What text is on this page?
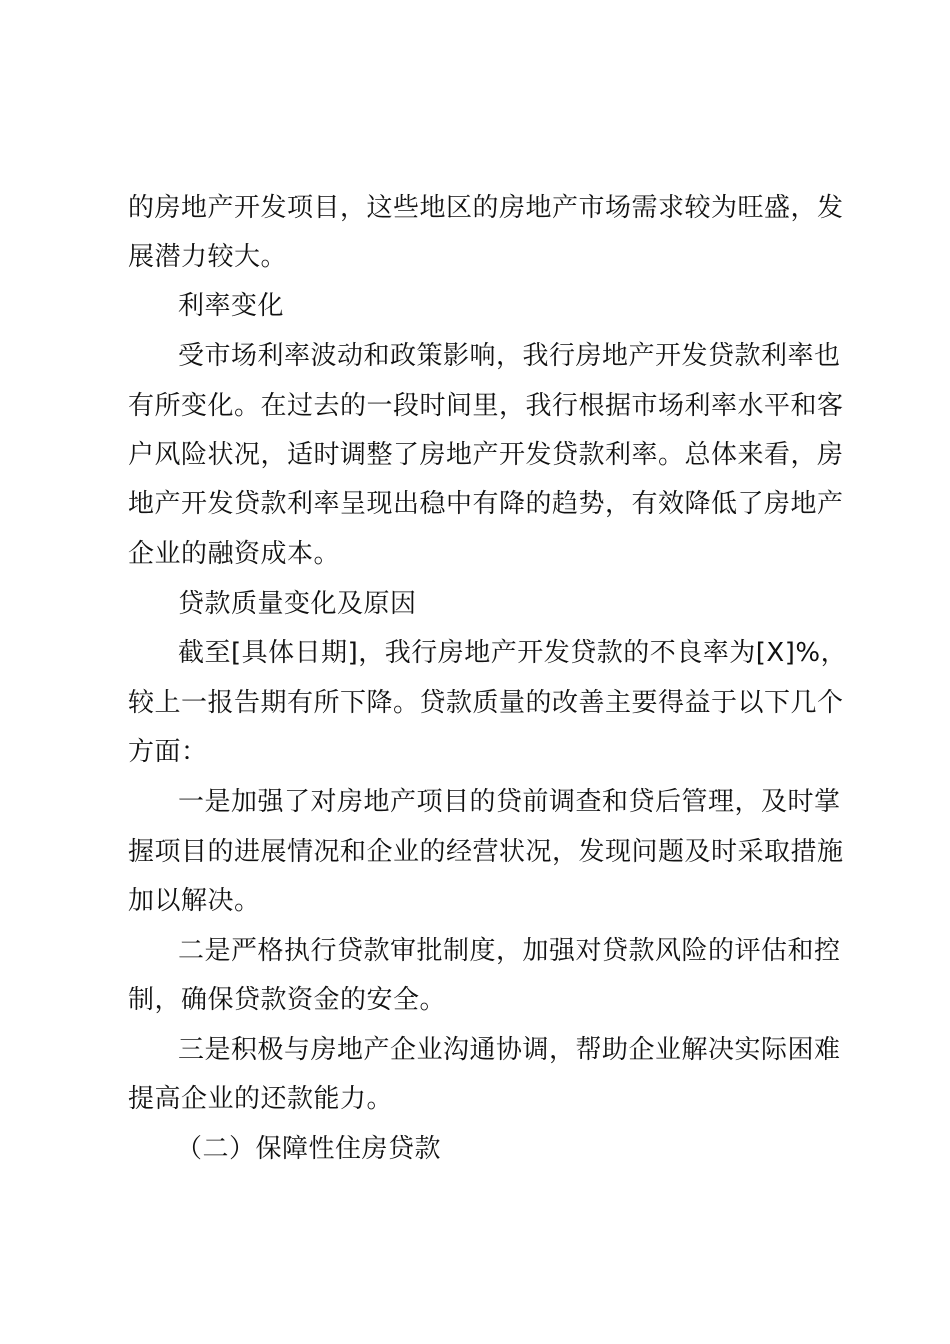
的房地产开发项目，这些地区的房地产市场需求较为旺盛，发
展潜力较大。
利率变化
受市场利率波动和政策影响，我行房地产开发贷款利率也
有所变化。在过去的一段时间里，我行根据市场利率水平和客
户风险状况，适时调整了房地产开发贷款利率。总体来看，房
地产开发贷款利率呈现出稳中有降的趋势，有效降低了房地产
企业的融资成本。
贷款质量变化及原因
截至[具体日期]，我行房地产开发贷款的不良率为[X]%，
较上一报告期有所下降。贷款质量的改善主要得益于以下几个
方面：
一是加强了对房地产项目的贷前调查和贷后管理，及时掌
握项目的进展情况和企业的经营状况，发现问题及时采取措施
加以解决。
二是严格执行贷款审批制度，加强对贷款风险的评估和控
制，确保贷款资金的安全。
三是积极与房地产企业沟通协调，帮助企业解决实际困难
提高企业的还款能力。
（二）保障性住房贷款
